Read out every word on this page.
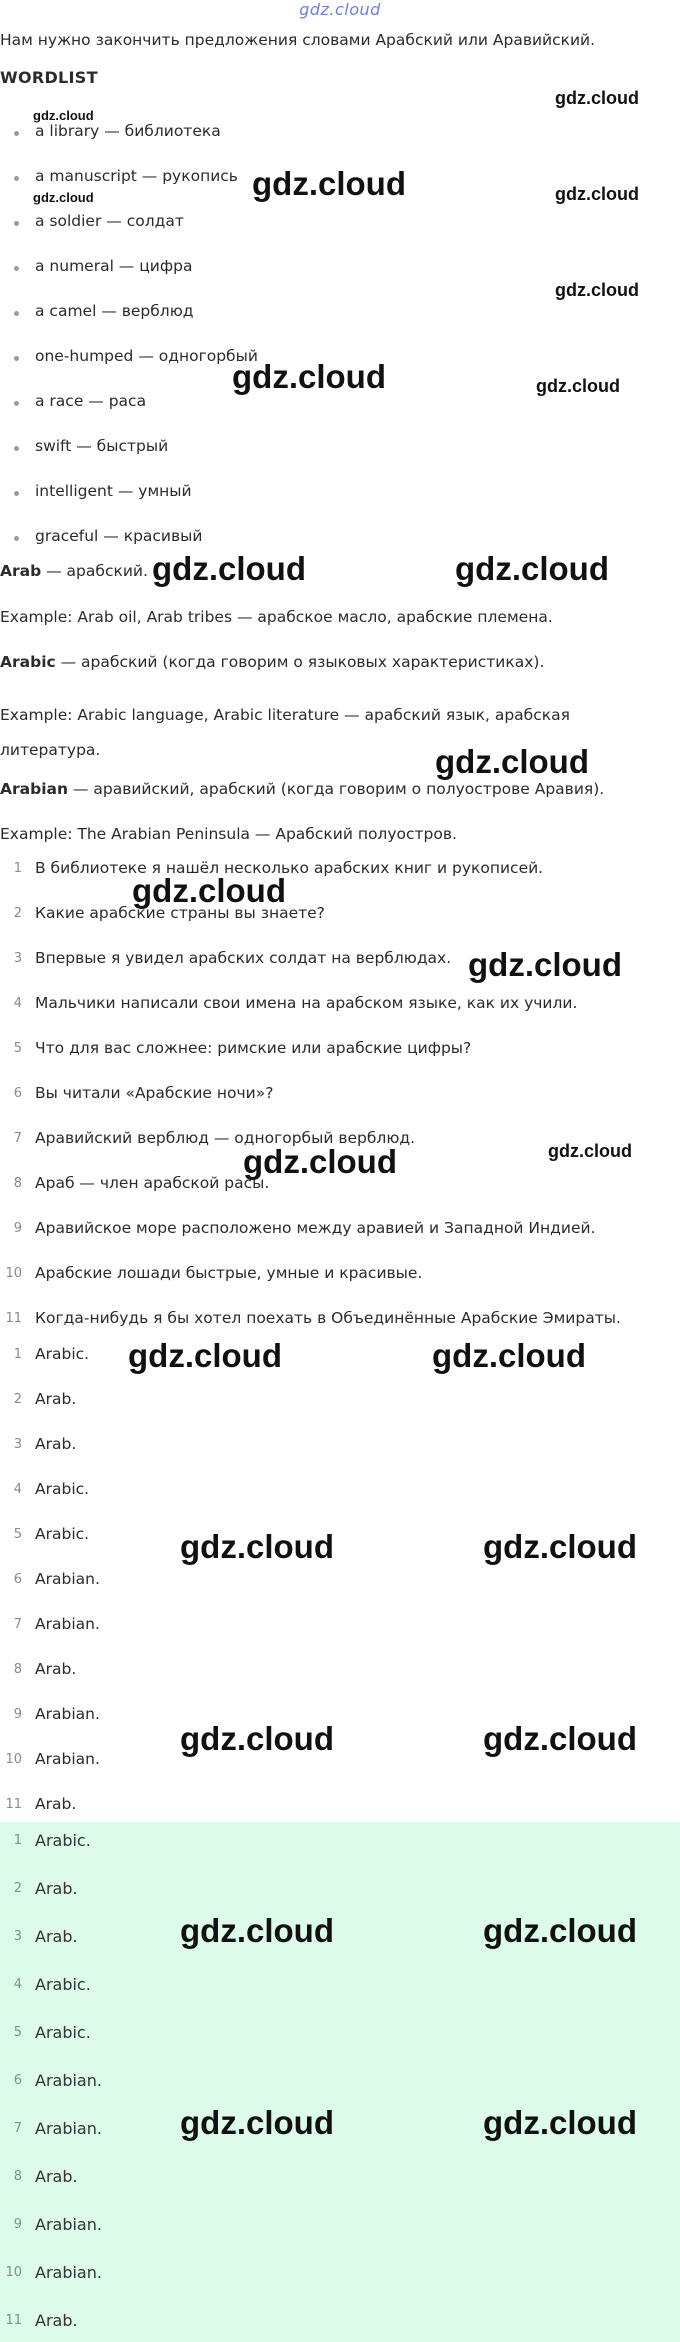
gdz.cloud
Нам нужно закончить предложения словами Арабский или Аравийский.
WORDLIST
a library — библиотека
a manuscript — рукопись
a soldier — солдат
a numeral — цифра
a camel — верблюд
one-humped — одногорбый
a race — раса
swift — быстрый
intelligent — умный
graceful — красивый
Arab — арабский.
Example: Arab oil, Arab tribes — арабское масло, арабские племена.
Arabic — арабский (когда говорим о языковых характеристиках).
Example: Arabic language, Arabic literature — арабский язык, арабская литература.
Arabian — аравийский, арабский (когда говорим о полуострове Аравия).
Example: The Arabian Peninsula — Арабский полуостров.
1 В библиотеке я нашёл несколько арабских книг и рукописей.
2 Какие арабские страны вы знаете?
3 Впервые я увидел арабских солдат на верблюдах.
4 Мальчики написали свои имена на арабском языке, как их учили.
5 Что для вас сложнее: римские или арабские цифры?
6 Вы читали «Арабские ночи»?
7 Аравийский верблюд — одногорбый верблюд.
8 Араб — член арабской расы.
9 Аравийское море расположено между аравией и Западной Индией.
10 Арабские лошади быстрые, умные и красивые.
11 Когда-нибудь я бы хотел поехать в Объединённые Арабские Эмираты.
1 Arabic.
2 Arab.
3 Arab.
4 Arabic.
5 Arabic.
6 Arabian.
7 Arabian.
8 Arab.
9 Arabian.
10 Arabian.
11 Arab.
1 Arabic.
2 Arab.
3 Arab.
4 Arabic.
5 Arabic.
6 Arabian.
7 Arabian.
8 Arab.
9 Arabian.
10 Arabian.
11 Arab.
gdz.cloud
gdz.cloud
gdz.cloud
gdz.cloud	gdz.cloud
gdz.cloud
gdz.cloud	gdz.cloud
gdz.cloud	gdz.cloud
gdz.cloud
gdz.cloud
gdz.cloud
gdz.cloud
gdz.cloud
gdz.cloud	gdz.cloud
gdz.cloud	gdz.cloud
gdz.cloud	gdz.cloud
gdz.cloud	gdz.cloud
gdz.cloud	gdz.cloud
